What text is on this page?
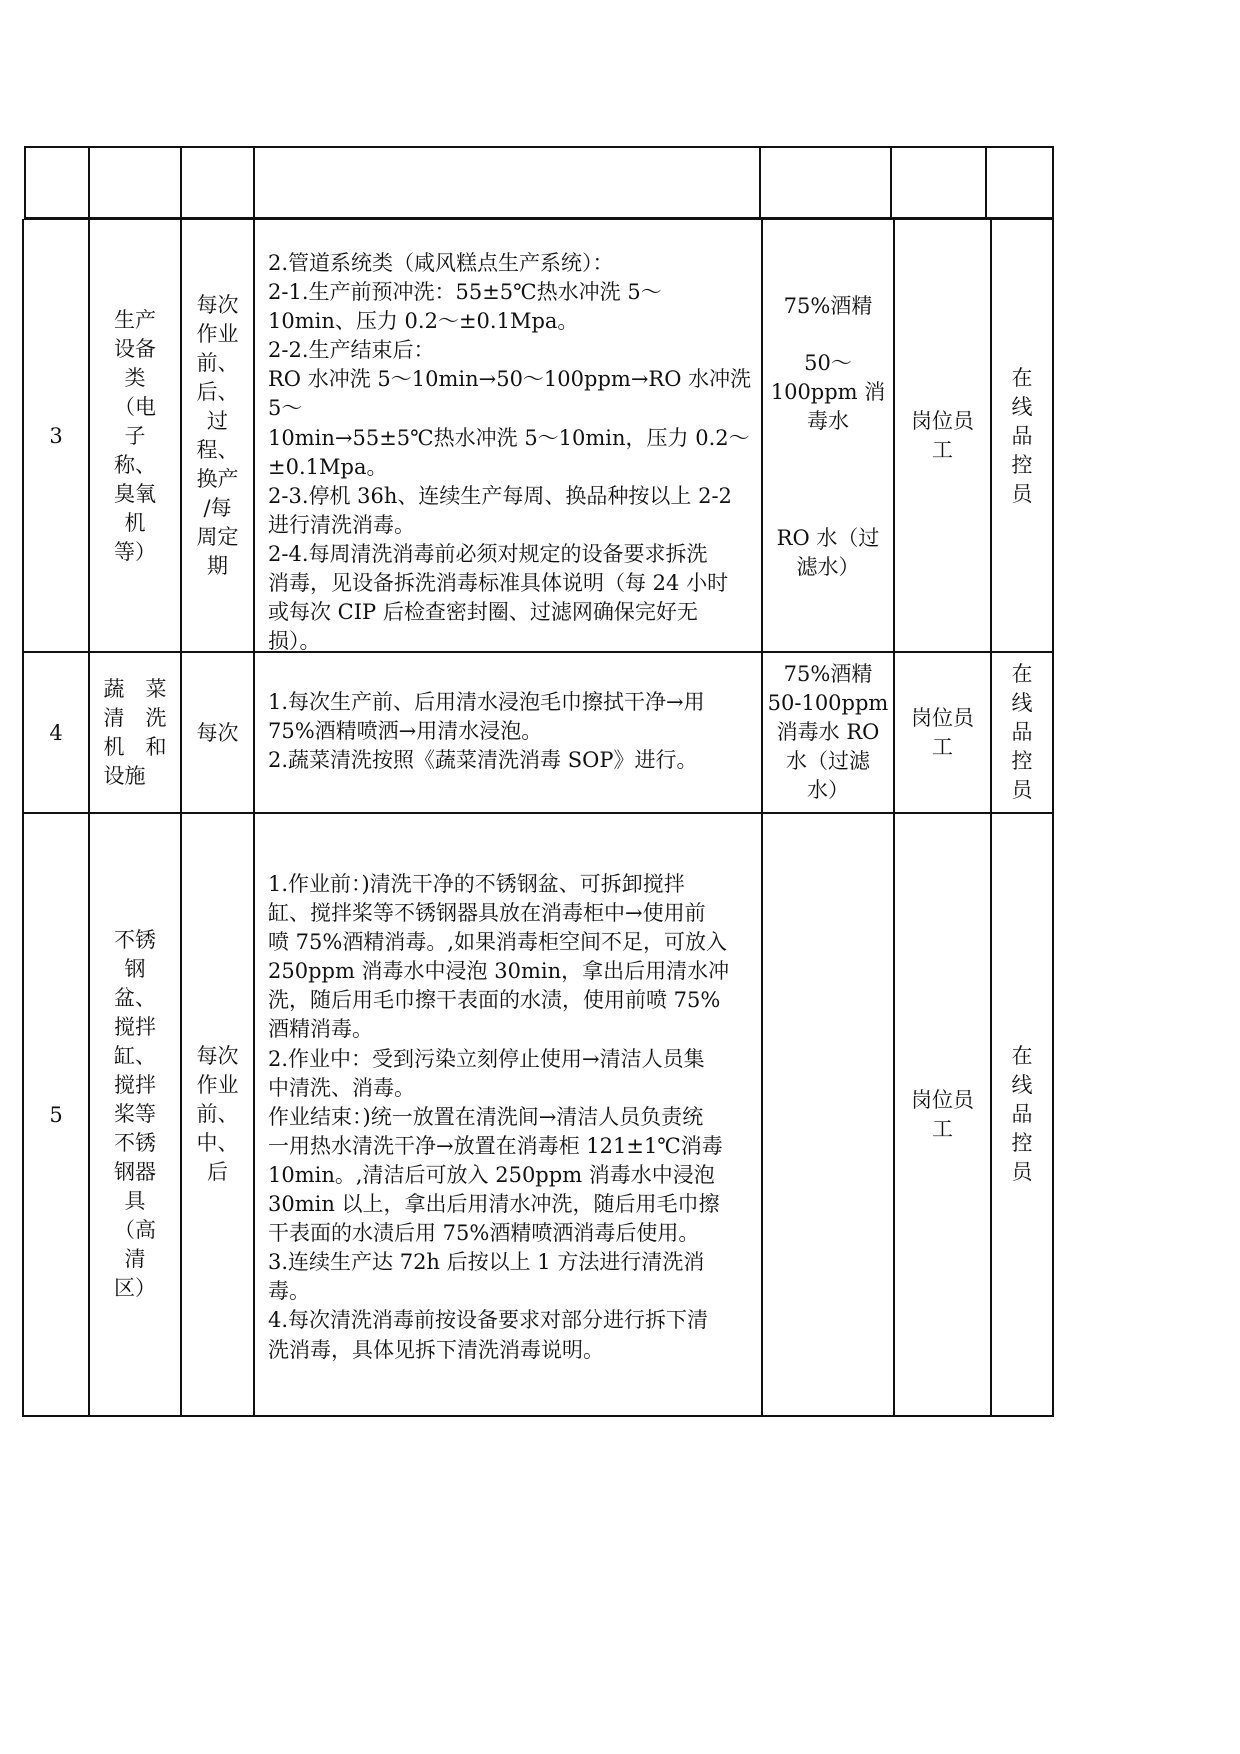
3
生产
设备
类
（电
子
称、
臭氧
机
等）
每次
作业
前、
后、
过
程、
换产
/每
周定
期
2.管道系统类（咸风糕点生产系统）：
2-1.生产前预冲洗：55±5℃热水冲洗 5～
10min、压力 0.2～±0.1Mpa。
2-2.生产结束后：
RO 水冲洗 5～10min→50～100ppm→RO 水冲洗 5～
10min→55±5℃热水冲洗 5～10min，压力 0.2～
±0.1Mpa。
2-3.停机 36h、连续生产每周、换品种按以上 2-2
进行清洗消毒。
2-4.每周清洗消毒前必须对规定的设备要求拆洗
消毒，见设备拆洗消毒标准具体说明（每 24 小时
或每次 CIP 后检查密封圈、过滤网确保完好无
损）。
75%酒精
50～
100ppm 消
毒水
RO 水（过
滤水）
岗位员
工
在
线
品
控
员
4
蔬　菜
清　洗
机　和
设施
每次
1.每次生产前、后用清水浸泡毛巾擦拭干净→用
75%酒精喷洒→用清水浸泡。
2.蔬菜清洗按照《蔬菜清洗消毒 SOP》进行。
75%酒精
50-100ppm
消毒水 RO
水（过滤
水）
岗位员
工
在
线
品
控
员
5
不锈
钢
盆、
搅拌
缸、
搅拌
桨等
不锈
钢器
具
（高
清
区）
每次
作业
前、
中、
后
1.作业前：)清洗干净的不锈钢盆、可拆卸搅拌
缸、搅拌桨等不锈钢器具放在消毒柜中→使用前
喷 75%酒精消毒。,如果消毒柜空间不足，可放入
250ppm 消毒水中浸泡 30min，拿出后用清水冲
洗，随后用毛巾擦干表面的水渍，使用前喷 75%
酒精消毒。
2.作业中：受到污染立刻停止使用→清洁人员集
中清洗、消毒。
作业结束：)统一放置在清洗间→清洁人员负责统
一用热水清洗干净→放置在消毒柜 121±1℃消毒
10min。,清洁后可放入 250ppm 消毒水中浸泡
30min 以上，拿出后用清水冲洗，随后用毛巾擦
干表面的水渍后用 75%酒精喷洒消毒后使用。
3.连续生产达 72h 后按以上 1 方法进行清洗消
毒。
4.每次清洗消毒前按设备要求对部分进行拆下清
洗消毒，具体见拆下清洗消毒说明。
岗位员
工
在
线
品
控
员
